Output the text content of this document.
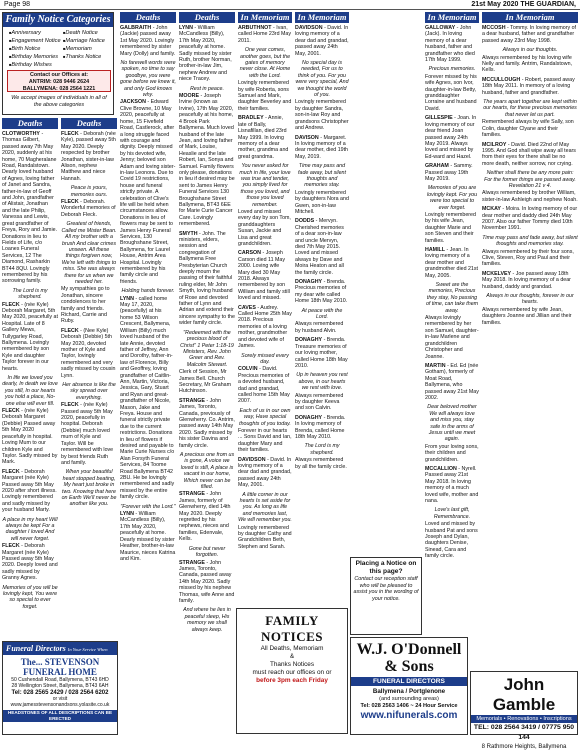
Page 98	21st May 2020 THE GUARDIAN,
Family Notice Categories
■ Anniversary
■ Engagement Notice
■ Birth Notice
■ Birthday Memories
■ Birthday Wishes
■ Death Notice
■ Marriage Notice
■ Memoriam
■ Thanks Notice
Contact our Offices at:
ANTRIM: 028 9446 2624
BALLYMENA: 028 2564 1221
We accept images of individuals in all of the above categories
Deaths
CLOTWORTHY - Thomas Gilbert, passed away 7th May 2020, suddenly at his home, 70 Magheralane Road, Randalstown. Dearly loved husband of Agnes, loving father of Janet and Sandra, father-in-law of Geoff and John, grandfather of Alistair, Jonathan and the late Philip, Vanessa and Lewis, great grandfather of Freya, Rory and Jamie. Donations in lieu to Fields of Life, c/o Loanes Funeral Services, 12 The Diamond, Rasharkin BT44 8QU. Lovingly remembered by his sorrowing family.
The Lord is my shepherd.
FLECK - (née Kyle) Deborah Margaret, 5th May 2020, peacefully at Hospital. Late of 8 Gallery Mews, Tullygarley Road, Ballymena. Lovingly remembered by son Kyle and daughter Taylor forever in our hearts.
In life we loved you dearly, In death we love you still, In our hearts you hold a place, No-one else will ever fill.
FLECK - (née Kyle) Deborah Margaret (Debbie) Passed away 5th May 2020 peacefully in hospital. Loving Mum to our children Kyle and Taylor. Sadly missed by Mark.
FLECK - Deborah Margaret (née Kyle) Passed away 5th May 2020 after short illness. Lovingly remembered and sadly missed by your husband Marty.
A place in my heart Will always be kept For a daughter I loved And will never forget.
FLECK - Deborah Margaret (née Kyle) Passed away 5th May 2020. Deeply loved and sadly missed by Granny Agnes.
Memories of you will be lovingly kept, You were so special to ever forget.
Deaths
FLECK - Deborah (née Kyle), passed away 5th May 2020. Deeply respected by brother Jonathan, sister-in-law Alison, nephew Matthew and niece Hannah.
Peace is yours, memories ours.
FLECK - Deborah. Wonderful memories of Deborah Fleck.
Greatest of friends, Called me Mister Bean. All my brother with a brush And clear crimes unseen. All these things forgiven now, We're left with things to miss. She was always there for us when we needed her.
My sympathies go to Jonathan, sincere condolences to her family and friends. Richard, Carrie and Ruby.
FLECK - (Nee Kyle) Deborah (Debbie) 5th May 2020, devoted mother of Kyle and Taylor, lovingly remembered and very sadly missed by cousin Lynn.
Her absence is like the sky spread over everything.
FLECK - (née Kyle) Passed away 5th May 2020, peacefully in hospital. Deborah (Debbie) much loved mum of Kyle and Taylor. Will be remembered with love by best friends Ruth and family.
When your beautiful heart stopped beating, My heart just broke in two. Knowing that here on Earth We'll never be another like you.
Deaths
GALBRAITH - John (Jackie) passed away 1st May 2020. Lovingly remembered by sister Mary (Dolly) and family.
No farewell words were spoken, no time to say goodbye, you were gone before we knew it, and only God knows why.
JACKSON - Edward Clive Browne, 10 May 2020, peacefully at home, 15 Fivefield Road, Castlerock, after a long struggle faced with courage and dignity. Deeply missed by his devoted wife, Jenny; beloved son Adam and loving sister-in-law Leonora. Due to Covid 19 restrictions, house and funeral strictly private. A celebration of Clive's life will be held when circumstances allow. Donations in lieu of flowers may be sent to James Henry Funeral Services, 130 Broughshane Street, Ballymena, for Laurel House, Antrim Area Hospital. Lovingly remembered by his family circle and friends.
Holding hands forever.
LYNN - called home May 17, 2020, (peacefully) at his home 53 Wilson Crescent, Ballymena, William (Billy) much loved husband of the late Annie, devoted father of Jeffrey, Ann and Dorothy, father-in-law of Florence, Billy and Geoffrey, loving grandfather of Caitlin-Ann, Martin, Victoria, Jessica, Gary, Stuart and Ryan and great-grandfather of Nicole, Mason, Jake and Freya. House and funeral strictly private due to the current restrictions. Donations in lieu of flowers if desired and payable to Marie Curie Nurses c/o Alan Forsyth Funeral Services, 84 Toome Road Ballymena BT42 2BU. He be lovingly remembered and sadly missed by the entire family circle.
"Forever with the Lord."
LYNN - William McCandless (Billy), 17th May 2020, peacefully at home. Dearly missed by sister Heather, brother-in-law Maurice, nieces Katrina and Kim.
Deaths
LYNN - William McCandless (Billy), 17th May 2020, peacefully at home. Sadly missed by sister Ruth, brother Norman, brother-in-law Jim, nephew Andrew and niece Tracey.
Rest in peace.
MOORE - Joseph Irvine (known as Irvine), 17th May 2020, peacefully at his home, 4 Brook Park Ballymena. Much loved husband of the late Jean, and loving father of Mark, Louise, Heaslie and the late Robert, Ian, Sonya and Samuel. Family flowers only please, donations in lieu if desired may be sent to James Henry Funeral Services 130 Broughshane Street Ballymena, BT43 6EE for Marie Curie Cancer Care. Lovingly remembered.
SMYTH - John. The ministers, elders, session and congregation of Ballymena Free Presbyterian Church deeply mourn the passing of their faithful ruling elder, Mr John Smyth, loving husband of Rose and devoted father of Lynn and Adrian and extend their sincere sympathy to the wider family circle.
"Redeemed with the precious blood of Christ" 1 Peter 1:18-19 Ministers, Rev. John Greer and Rev. Malcolm Stewart.
Clerk of Session, Mr James Bell. Church Secretary, Mr Graham Hutchinson.
STRANGE - John James, Toronto, Canada, previously of Glenwherry. Co. Antrim, passed away 14th May 2020. Sadly missed by his sister Davina and family circle.
A precious one from us is gone, A voice we loved is still, A place is vacant in our home, Which never can be filled.
STRANGE - John James, formerly of Glenwherry, died 14th May 2020. Deeply regretted by his nephews, nieces and families, Edenvale, Kells.
Gone but never forgotten.
STRANGE - John James, Toronto, Canada, passed away 14th May 2020. Sadly missed by his nephew Thomas, wife Anne and family.
And where he lies in peaceful sleep, His memory we shall always keep.
In Memoriam
ARBUTHNOT - Ivan, called Home 23rd May 2011.
One year comes, another goes, but the gates of memory never close. At Home with the Lord.
Lovingly remembered by wife Roberta, sons Samuel and Mark, daughter Beverley and their families.
BRADLEY - Annie, late of Bally, Lisnafillan, died 23rd May 1999. In loving memory of a dear mother, grandma and great grandma.
You never asked for much in life, your love was true and tender, you simply lived for those you loved, and those you loved remember.
Loved and missed every day by son Tom, granddaughters Susan, Jackie and Lisa and great grandchildren.
CARSON - Joseph Carson died 11 May 2000. Loving wife Mary died 30 May 2018. Always remembered by son William and family still loved and missed.
CAVES - Audrey. Called Home 25th May 2018. Precious memories of a loving mother, grandmother and devoted wife of James.
Sorely missed every day.
COLVIN - David. Precious memories of a devoted husband, dad and grandad, called home 15th May 2007.
Each of us in our own way, Have special thoughts of you today.
Forever in our hearts ... Sons David and Ian, daughter Mary and their families.
DAVIDSON - David. In loving memory of a dear dad and grandad, passed away 24th May, 2001.
A little corner in our hearts Is set aside for you. As long as life and memories last, We will remember you.
Lovingly remembered by daughter Cathy and Grandchildren Beth, Stephen and Sarah.
In Memoriam
DAVIDSON - David. In loving memory of a dear dad and grandad, passed away 24th May, 2001.
No special day is needed, For us to think of you. For you were very special, And we thought the world of you.
Lovingly remembered by daughter Sandra, son-in-law Roy and grandsons Christopher and Andrew.
DAVISON - Margaret. In loving memory of a dear mother, died 19th May, 2019.
Time may pass and fade away, but silent thoughts and memories stay.
Lovingly remembered by daughters Nora and Gwen, son-in-law Mitchell.
DODDS - Mervyn. Cherished memories of a dear son-in-law and uncle Mervyn, died 7th May 2015. Loved and missed always by Dave and Moira Heaton and all the family circle.
DONAGHY - Brenda. Precious memories of my dear wife called Home 18th May 2010.
At peace with the Lord.
Always remembered by husband Alvin.
DONAGHY - Brenda. Treasure memories of our loving mother, called Home 18th May 2010.
Up in heaven you rest above, in our hearts we rest with love.
Always remembered by daughter Keeva and son Calvin.
DONAGHY - Brenda. In loving memory of Brenda, called Home 18th May 2010.
The Lord is my shepherd.
Always remembered by all the family circle.
In Memoriam
GALLOWAY - John (Jack). In loving memory of a dear husband, father and grandfather who died 17th May 1999.
Precious memories.
Forever missed by his wife Agnes, son Ivor, daughter-in-law Betty, granddaughter Lorraine and husband David.
GILLESPIE - Joan. In loving memory of our dear friend Joan passed away 24th May 2019. Always loved and missed by Ed-ward and Hazel.
GRAHAM - Sammy. Passed away 19th May 2019.
Memories of you are lovingly kept. For you were too special to ever forget.
Lovingly remembered by his wife Jean, daughter Marie and son Steven and their families.
HAMILL - Jean. In loving memory of a dear mother and grandmother died 21st May, 2005.
Sweet are the memories, Precious they stay, No passing of time, can take them away.
Always lovingly remembered by her son Samuel, daughter-in-law Marlene and grandchildren Christopher and Joanne.
MARTIN - Ed. Ed (née Gotham), formerly of Moat Road, Ballymena, who passed away 21st May 2002.
Dear beloved mother We will always love and miss you, stay safe in the arms of Jesus until we meet again.
From your loving sons, their children and grandchildren.
MCCALLION - Nyrell. Passed away 21st May 2018. In loving memory of a much loved wife, mother and nana.
Love's last gift, Remembrance.
Loved and missed by husband Pat and sons Joseph and Dylan, daughters Denise, Sinead, Cara and family circle.
In Memoriam
MCCOSH - Tommy. In loving memory of a dear husband, father and grandfather passed away 23rd May 1998.
Always in our thoughts.
Always remembered by his loving wife Nelly and family. Antrim, Randalstown, Kells.
MCCULLOUGH - Robert, passed away 18th May 2011. In memory of a loving husband, father and grandfather.
The years apart together are kept within our hearts, for these precious memories that never let us part.
Remembered always by wife Sally, son Colin, daughter Clyane and their families.
MCILROY - David. Died 22nd of May 1995. And God shall wipe away all tears from their eyes for there shall be no more death, neither sorrow, nor crying.
Neither shall there be any more pain: For the former things are passed away. Revelation 21 v 4.
Always remembered by brother William, sister-in-law Ashleigh and nephew Noah.
MCKAY - Moira. In loving memory of our dear mother and daddy died 24th May 2007. Also our father Tommy died 10th November 1991.
Time may pass and fade away, but silent thoughts and memories stay.
Always remembered by their four sons, Clive, Steven, Roy and Paul and their families.
MCKELVEY - Joe passed away 18th May 2018. In loving memory of a dear husband, daddy and grandad.
Always in our thoughts, forever in our hearts.
Always remembered by wife Jean, daughters Joanne and Jillian and their families.
FAMILY NOTICES

All Deaths, Memoriam

&

Thanks Notices

must reach our offices on or

before 3pm each Friday

Placing a Notice on this page?

Contact our reception staff who will be pleased to assist you in the wording of your notice.

Funeral Directors In Your Service When Necessary
The... STEVENSON FUNERAL HOME
50 Cushendall Road, Ballymena, BT43 6HD
28 Wellington Street, Ballymena, BT43 6AH
Tel: 028 2565 2429 / 028 2564 6202
or visit www.jamesstevensonandsons.yolasite.co.uk
HEADSTONES OF ALL DESCRIPTIONS CAN BE ERECTED
W.J. O'Donnell
& Sons
FUNERAL DIRECTORS
Ballymena / Portglenone
(and surrounding areas)
Tel: 028 2563 1406 ~ 24 Hour Service
www.nifunerals.com
John Gamble
Memorials • Renovations • Inscriptions
TEL: 028 2564 3419 / 07775 950 144
8 Rathmore Heights, Ballymena
